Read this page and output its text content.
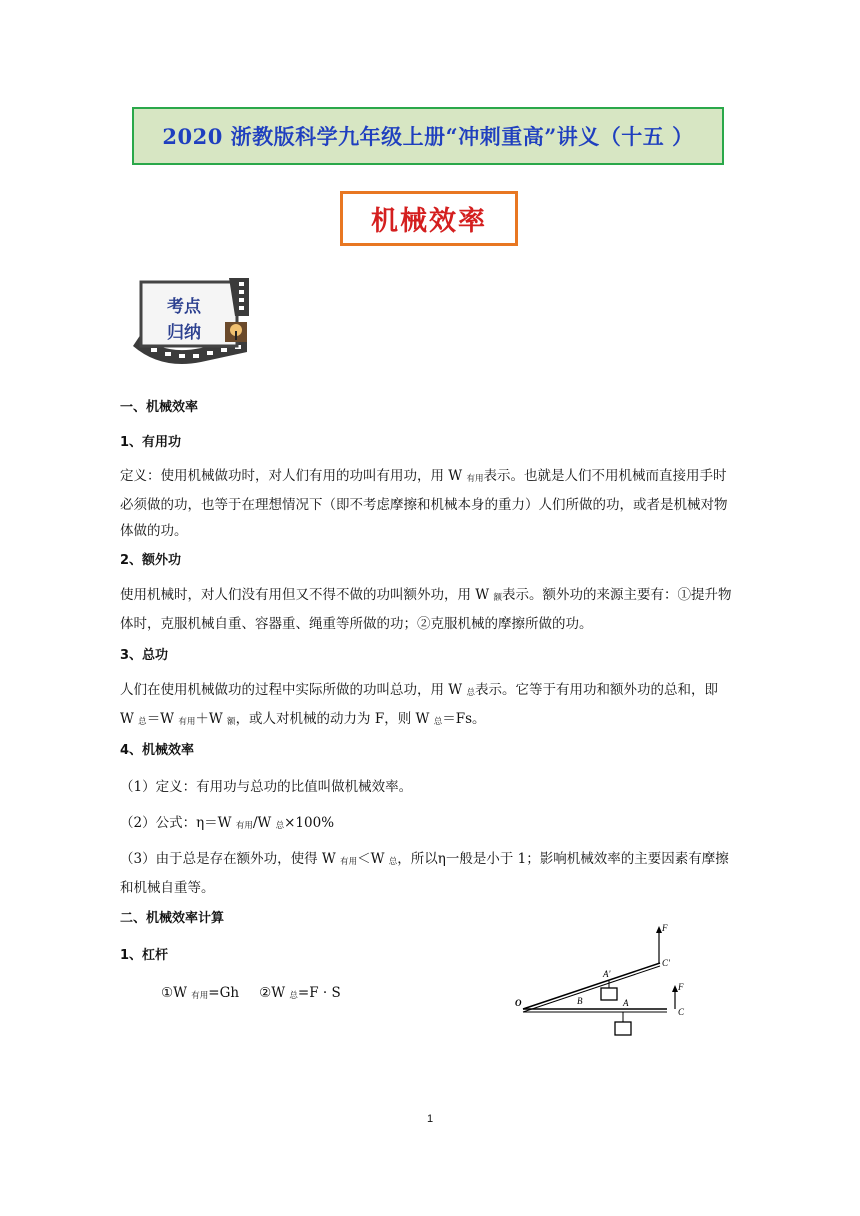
2020 浙教版科学九年级上册“冲刺重高”讲义（十五 ）
机械效率
考点
归纳
一、机械效率
1、有用功
定义：使用机械做功时，对人们有用的功叫有用功，用 W $_{有用}$表示。也就是人们不用机械而直接用手时必须做的功，也等于在理想情况下（即不考虑摩擦和机械本身的重力）人们所做的功，或者是机械对物体做的功。
2、额外功
使用机械时，对人们没有用但又不得不做的功叫额外功，用 W $_额$表示。额外功的来源主要有：①提升物体时，克服机械自重、容器重、绳重等所做的功；②克服机械的摩擦所做的功。
3、总功
人们在使用机械做功的过程中实际所做的功叫总功，用 W $_总$表示。它等于有用功和额外功的总和，即 W $_总$＝W $_{有用}$＋W $_额$，或人对机械的动力为 F，则 W $_总$＝Fs。
4、机械效率
（1）定义：有用功与总功的比值叫做机械效率。
（2）公式：η＝W $_{有用}$/W $_总$×100%
（3）由于总是存在额外功，使得 W $_{有用}$＜W $_总$，所以η一般是小于 1；影响机械效率的主要因素有摩擦和机械自重等。
二、机械效率计算
1、杠杆
①W $_{有用}$=Gh ②W $_总$=F · S
F
C'
A'
O	B	A
F
C
1
